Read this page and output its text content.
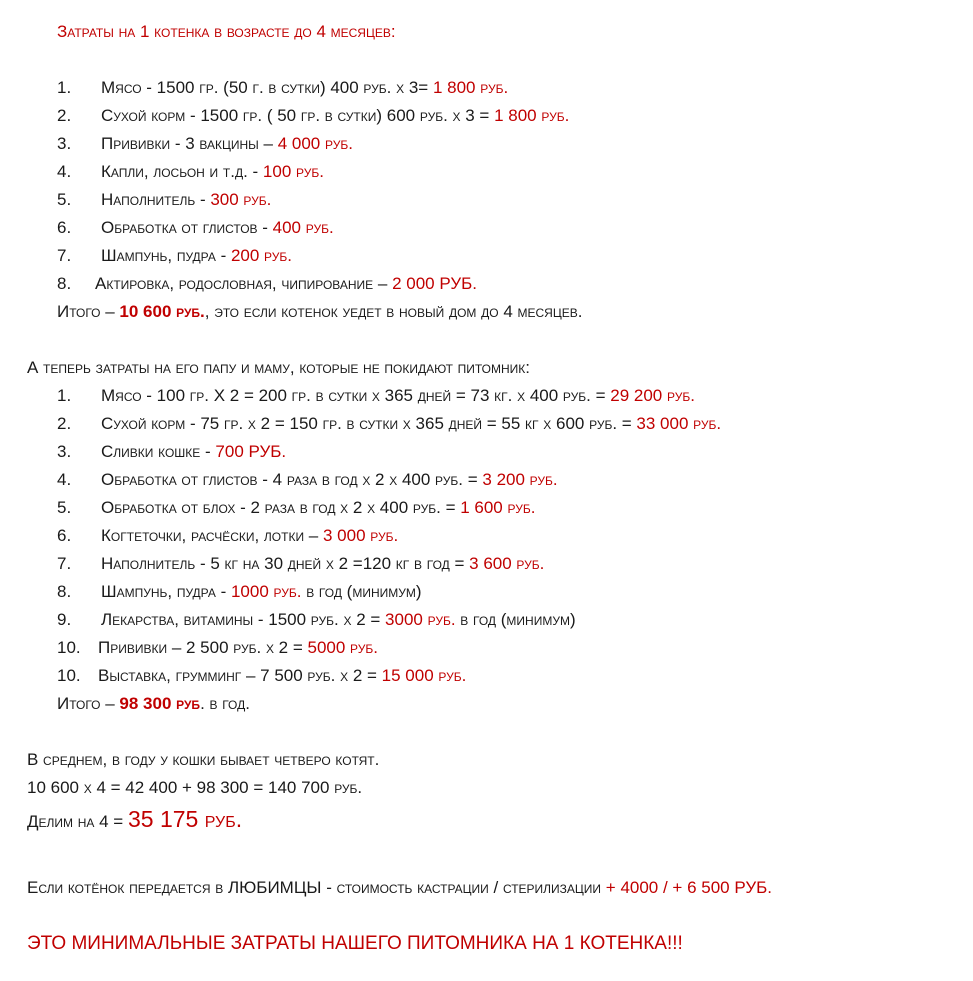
Затраты на 1 котенка в возрасте до 4 месяцев:
1. Мясо - 1500 гр. (50 г. в сутки) 400 руб. х 3= 1 800 руб.
2. Сухой корм - 1500 гр. ( 50 гр. в сутки) 600 руб. х 3 = 1 800 руб.
3. Прививки - 3 вакцины – 4 000 руб.
4. Капли, лосьон и т.д. - 100 руб.
5. Наполнитель - 300 руб.
6. Обработка от глистов - 400 руб.
7. Шампунь, пудра - 200 руб.
8. Актировка, родословная, чипирование – 2 000 РУБ.
Итого – 10 600 руб., это если котенок уедет в новый дом до 4 месяцев.
А теперь затраты на его папу и маму, которые не покидают питомник:
1. Мясо - 100 гр. Х 2 = 200 гр. в сутки х 365 дней = 73 кг. х 400 руб. = 29 200 руб.
2. Сухой корм - 75 гр. х 2 = 150 гр. в сутки х 365 дней = 55 кг х 600 руб. = 33 000 руб.
3. Сливки кошке - 700 РУБ.
4. Обработка от глистов - 4 раза в год х 2 х 400 руб. = 3 200 руб.
5. Обработка от блох - 2 раза в год х 2 х 400 руб. = 1 600 руб.
6. Когтеточки, расчёски, лотки – 3 000 руб.
7. Наполнитель - 5 кг на 30 дней х 2 =120 кг в год = 3 600 руб.
8. Шампунь, пудра - 1000 руб. в год (минимум)
9. Лекарства, витамины - 1500 руб. х 2 = 3000 руб. в год (минимум)
10. Прививки – 2 500 руб. х 2 = 5000 руб.
10. Выставка, грумминг – 7 500 руб. х 2 = 15 000 руб.
Итого – 98 300 руб. в год.
В среднем, в году у кошки бывает четверо котят.
10 600 х 4 = 42 400 + 98 300 = 140 700 руб.
Делим на 4 = 35 175 руб.
Если котёнок передается в ЛЮБИМЦЫ - стоимость кастрации / стерилизации + 4000 / + 6 500 РУБ.
ЭТО МИНИМАЛЬНЫЕ ЗАТРАТЫ НАШЕГО ПИТОМНИКА НА 1 КОТЕНКА!!!
